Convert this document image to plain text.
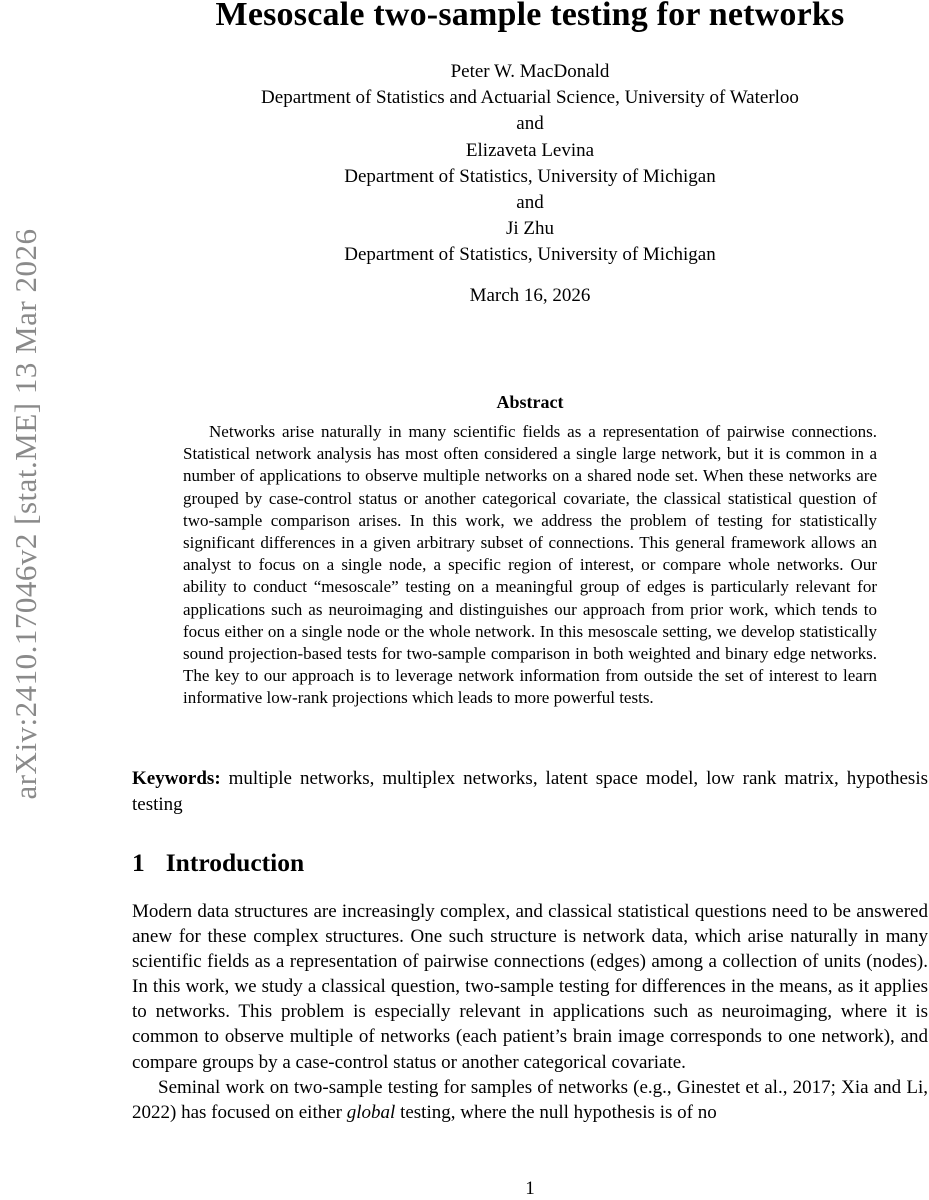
arXiv:2410.17046v2 [stat.ME] 13 Mar 2026
Mesoscale two-sample testing for networks
Peter W. MacDonald
Department of Statistics and Actuarial Science, University of Waterloo
and
Elizaveta Levina
Department of Statistics, University of Michigan
and
Ji Zhu
Department of Statistics, University of Michigan
March 16, 2026
Abstract
Networks arise naturally in many scientific fields as a representation of pairwise connections. Statistical network analysis has most often considered a single large network, but it is common in a number of applications to observe multiple networks on a shared node set. When these networks are grouped by case-control status or another categorical covariate, the classical statistical question of two-sample comparison arises. In this work, we address the problem of testing for statistically significant differences in a given arbitrary subset of connections. This general framework allows an analyst to focus on a single node, a specific region of interest, or compare whole networks. Our ability to conduct “mesoscale” testing on a meaningful group of edges is particularly relevant for applications such as neuroimaging and distinguishes our approach from prior work, which tends to focus either on a single node or the whole network. In this mesoscale setting, we develop statistically sound projection-based tests for two-sample comparison in both weighted and binary edge networks. The key to our approach is to leverage network information from outside the set of interest to learn informative low-rank projections which leads to more powerful tests.
Keywords: multiple networks, multiplex networks, latent space model, low rank matrix, hypothesis testing
1 Introduction

Modern data structures are increasingly complex, and classical statistical questions need to be answered anew for these complex structures. One such structure is network data, which arise naturally in many scientific fields as a representation of pairwise connections (edges) among a collection of units (nodes). In this work, we study a classical question, two-sample testing for differences in the means, as it applies to networks. This problem is especially relevant in applications such as neuroimaging, where it is common to observe multiple of networks (each patient’s brain image corresponds to one network), and compare groups by a case-control status or another categorical covariate.

Seminal work on two-sample testing for samples of networks (e.g., Ginestet et al., 2017; Xia and Li, 2022) has focused on either global testing, where the null hypothesis is of no

1
